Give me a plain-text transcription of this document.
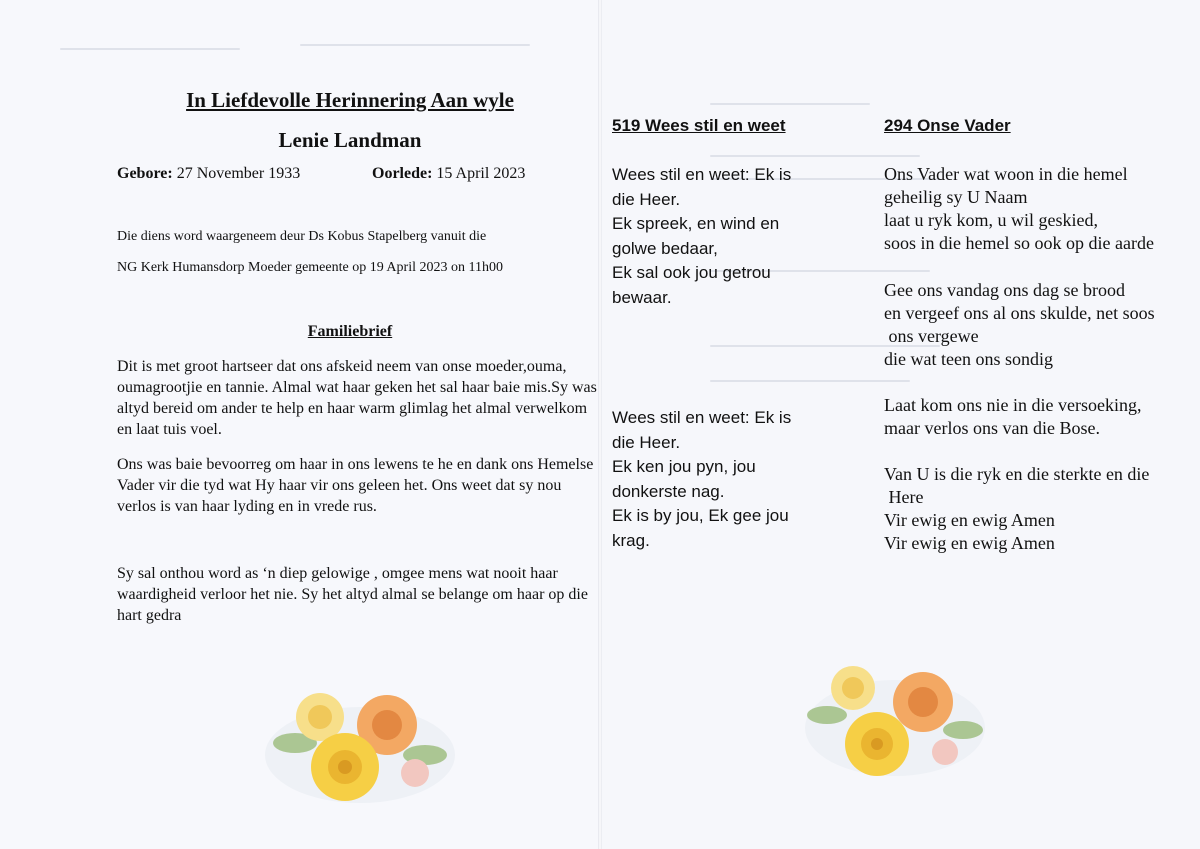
In Liefdevolle Herinnering Aan wyle
Lenie Landman
Gebore: 27 November 1933	Oorlede: 15 April 2023
Die diens word waargeneem deur Ds Kobus Stapelberg vanuit die
NG Kerk Humansdorp Moeder gemeente op 19 April 2023 on 11h00
Familiebrief
Dit is met groot hartseer dat ons afskeid neem van onse moeder,ouma, oumagrootjie en tannie. Almal wat haar geken het sal haar baie mis.Sy was altyd bereid om ander te help en haar warm glimlag het almal verwelkom en laat tuis voel.
Ons was baie bevoorreg om haar in ons lewens te he en dank ons Hemelse Vader vir die tyd wat Hy haar vir ons geleen het. Ons weet dat sy nou verlos is van haar lyding en in vrede rus.
Sy sal onthou word as ‘n diep gelowige , omgee mens wat nooit haar waardigheid verloor het nie. Sy het altyd almal se belange om haar op die hart gedra
519 Wees stil en weet	294 Onse Vader
Wees stil en weet: Ek is
die Heer.
Ek spreek, en wind en
golwe bedaar,
Ek sal ook jou getrou
bewaar.
Wees stil en weet: Ek is
die Heer.
Ek ken jou pyn, jou
donkerste nag.
Ek is by jou, Ek gee jou
krag.
Ons Vader wat woon in die hemel
geheilig sy U Naam
laat u ryk kom, u wil geskied,
soos in die hemel so ook op die aarde
Gee ons vandag ons dag se brood
en vergeef ons al ons skulde, net soos
ons vergewe
die wat teen ons sondig
Laat kom ons nie in die versoeking,
maar verlos ons van die Bose.
Van U is die ryk en die sterkte en die
Here
Vir ewig en ewig Amen
Vir ewig en ewig Amen
